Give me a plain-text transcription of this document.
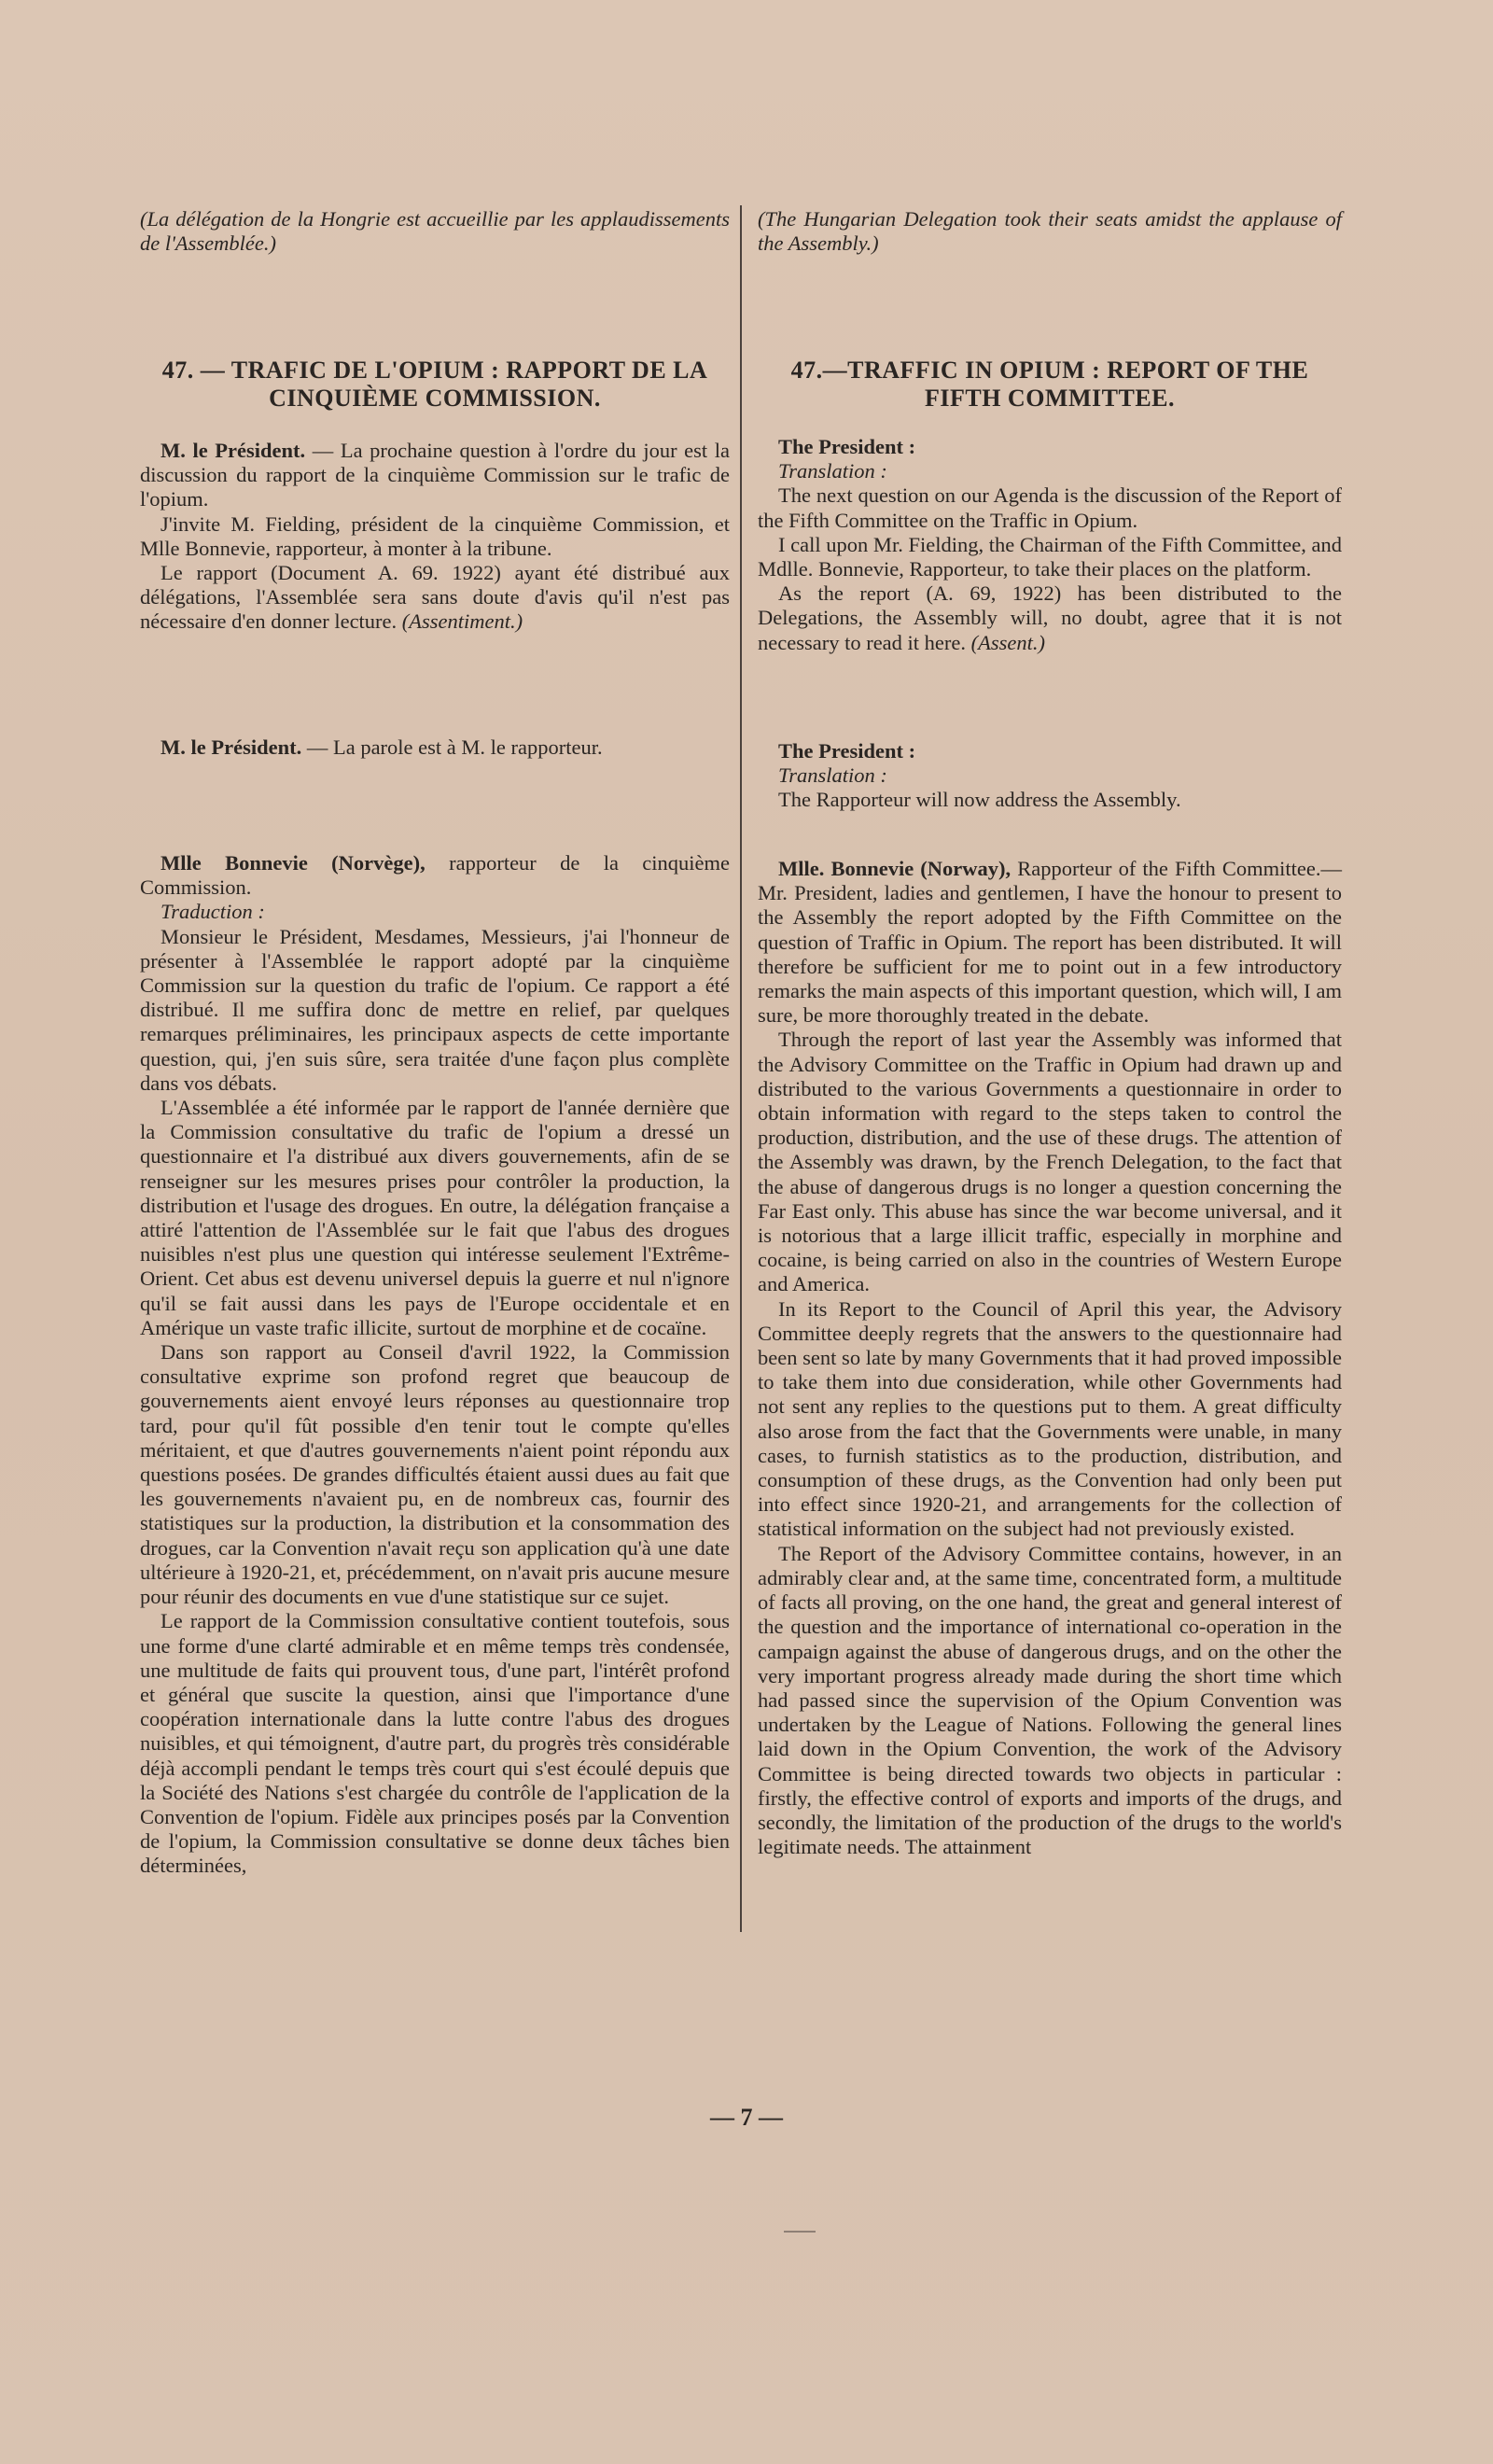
(La délégation de la Hongrie est accueillie par les applaudissements de l'Assemblée.)

47. — TRAFIC DE L'OPIUM : RAPPORT DE LA CINQUIÈME COMMISSION.

M. le Président. — La prochaine question à l'ordre du jour est la discussion du rapport de la cinquième Commission sur le trafic de l'opium.

J'invite M. Fielding, président de la cinquième Commission, et Mlle Bonnevie, rapporteur, à monter à la tribune.

Le rapport (Document A. 69. 1922) ayant été distribué aux délégations, l'Assemblée sera sans doute d'avis qu'il n'est pas nécessaire d'en donner lecture. (Assentiment.)

M. le Président. — La parole est à M. le rapporteur.

Mlle Bonnevie (Norvège), rapporteur de la cinquième Commission.

Traduction :

Monsieur le Président, Mesdames, Messieurs, j'ai l'honneur de présenter à l'Assemblée le rapport adopté par la cinquième Commission sur la question du trafic de l'opium. Ce rapport a été distribué. Il me suffira donc de mettre en relief, par quelques remarques préliminaires, les principaux aspects de cette importante question, qui, j'en suis sûre, sera traitée d'une façon plus complète dans vos débats.

L'Assemblée a été informée par le rapport de l'année dernière que la Commission consultative du trafic de l'opium a dressé un questionnaire et l'a distribué aux divers gouvernements, afin de se renseigner sur les mesures prises pour contrôler la production, la distribution et l'usage des drogues. En outre, la délégation française a attiré l'attention de l'Assemblée sur le fait que l'abus des drogues nuisibles n'est plus une question qui intéresse seulement l'Extrême-Orient. Cet abus est devenu universel depuis la guerre et nul n'ignore qu'il se fait aussi dans les pays de l'Europe occidentale et en Amérique un vaste trafic illicite, surtout de morphine et de cocaïne.

Dans son rapport au Conseil d'avril 1922, la Commission consultative exprime son profond regret que beaucoup de gouvernements aient envoyé leurs réponses au questionnaire trop tard, pour qu'il fût possible d'en tenir tout le compte qu'elles méritaient, et que d'autres gouvernements n'aient point répondu aux questions posées. De grandes difficultés étaient aussi dues au fait que les gouvernements n'avaient pu, en de nombreux cas, fournir des statistiques sur la production, la distribution et la consommation des drogues, car la Convention n'avait reçu son application qu'à une date ultérieure à 1920-21, et, précédemment, on n'avait pris aucune mesure pour réunir des documents en vue d'une statistique sur ce sujet.

Le rapport de la Commission consultative contient toutefois, sous une forme d'une clarté admirable et en même temps très condensée, une multitude de faits qui prouvent tous, d'une part, l'intérêt profond et général que suscite la question, ainsi que l'importance d'une coopération internationale dans la lutte contre l'abus des drogues nuisibles, et qui témoignent, d'autre part, du progrès très considérable déjà accompli pendant le temps très court qui s'est écoulé depuis que la Société des Nations s'est chargée du contrôle de l'application de la Convention de l'opium. Fidèle aux principes posés par la Convention de l'opium, la Commission consultative se donne deux tâches bien déterminées,

(The Hungarian Delegation took their seats amidst the applause of the Assembly.)

47.—TRAFFIC IN OPIUM : REPORT OF THE FIFTH COMMITTEE.

The President :

Translation :

The next question on our Agenda is the discussion of the Report of the Fifth Committee on the Traffic in Opium.

I call upon Mr. Fielding, the Chairman of the Fifth Committee, and Mdlle. Bonnevie, Rapporteur, to take their places on the platform.

As the report (A. 69, 1922) has been distributed to the Delegations, the Assembly will, no doubt, agree that it is not necessary to read it here. (Assent.)

The President :

Translation :

The Rapporteur will now address the Assembly.

Mlle. Bonnevie (Norway), Rapporteur of the Fifth Committee.—Mr. President, ladies and gentlemen, I have the honour to present to the Assembly the report adopted by the Fifth Committee on the question of Traffic in Opium. The report has been distributed. It will therefore be sufficient for me to point out in a few introductory remarks the main aspects of this important question, which will, I am sure, be more thoroughly treated in the debate.

Through the report of last year the Assembly was informed that the Advisory Committee on the Traffic in Opium had drawn up and distributed to the various Governments a questionnaire in order to obtain information with regard to the steps taken to control the production, distribution, and the use of these drugs. The attention of the Assembly was drawn, by the French Delegation, to the fact that the abuse of dangerous drugs is no longer a question concerning the Far East only. This abuse has since the war become universal, and it is notorious that a large illicit traffic, especially in morphine and cocaine, is being carried on also in the countries of Western Europe and America.

In its Report to the Council of April this year, the Advisory Committee deeply regrets that the answers to the questionnaire had been sent so late by many Governments that it had proved impossible to take them into due consideration, while other Governments had not sent any replies to the questions put to them. A great difficulty also arose from the fact that the Governments were unable, in many cases, to furnish statistics as to the production, distribution, and consumption of these drugs, as the Convention had only been put into effect since 1920-21, and arrangements for the collection of statistical information on the subject had not previously existed.

The Report of the Advisory Committee contains, however, in an admirably clear and, at the same time, concentrated form, a multitude of facts all proving, on the one hand, the great and general interest of the question and the importance of international co-operation in the campaign against the abuse of dangerous drugs, and on the other the very important progress already made during the short time which had passed since the supervision of the Opium Convention was undertaken by the League of Nations. Following the general lines laid down in the Opium Convention, the work of the Advisory Committee is being directed towards two objects in particular : firstly, the effective control of exports and imports of the drugs, and secondly, the limitation of the production of the drugs to the world's legitimate needs. The attainment

— 7 —
